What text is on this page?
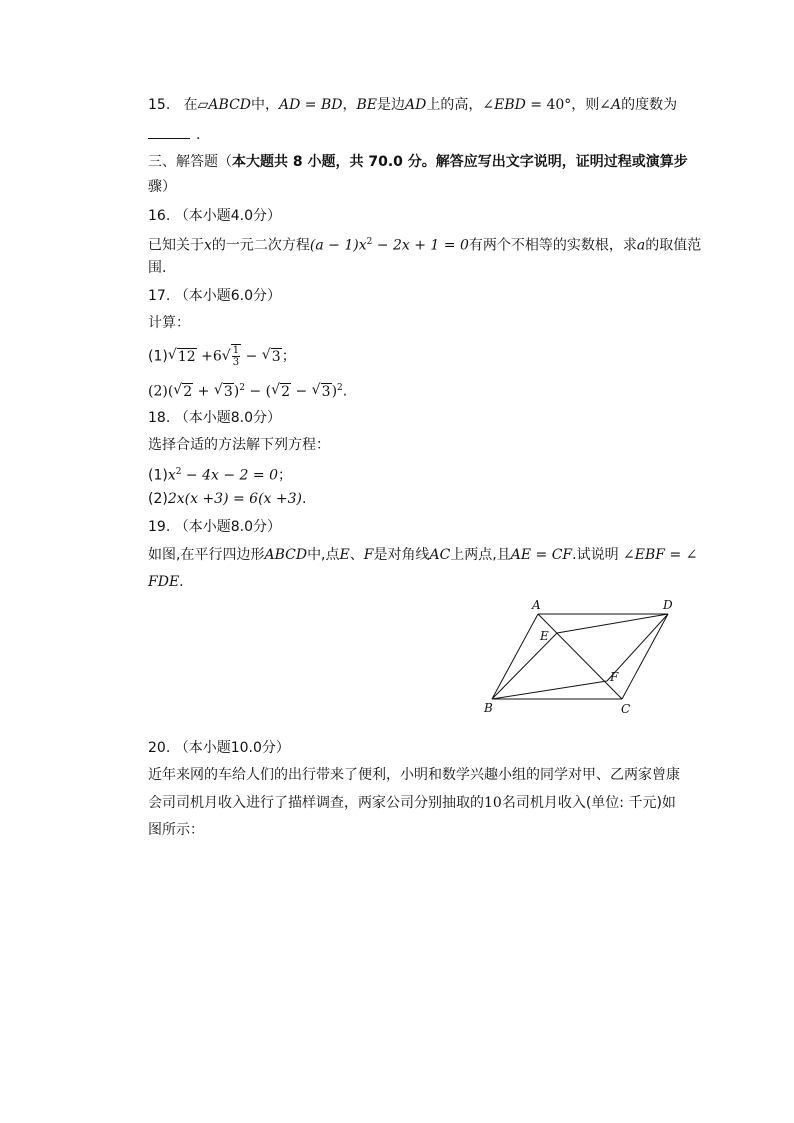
15. 在▱ABCD中，AD = BD，BE是边AD上的高，∠EBD = 40°，则∠A的度数为
.
三、解答题（本大题共 8 小题，共 70.0 分。解答应写出文字说明，证明过程或演算步
骤）
16. （本小题4.0分）
已知关于x的一元二次方程$(a - 1)x^2 - 2x + 1 = 0$有两个不相等的实数根，求a的取值范
围.
17. （本小题6.0分）
计算：
(1) √ 12 +6 √ $\frac{1}{3}$ − √ 3；
(2)( √ 2 + √ 3)$^2$ − ( √ 2 − √ 3)$^2$.
18. （本小题8.0分）
选择合适的方法解下列方程：
$(1)x^2 - 4x - 2 = 0$；
(2)2x(x +3) = 6(x +3).
19. （本小题8.0分）
如图,在平行四边形ABCD中,点E、F是对角线AC上两点,且AE = CF.试说明 ∠EBF = ∠
FDE.
A	D
E
F
B	C
20. （本小题10.0分）
近年来网的车给人们的出行带来了便利，小明和数学兴趣小组的同学对甲、乙两家曾康
会司司机月收入进行了描样调查，两家公司分别抽取的10名司机月收入(单位: 千元)如
图所示：
